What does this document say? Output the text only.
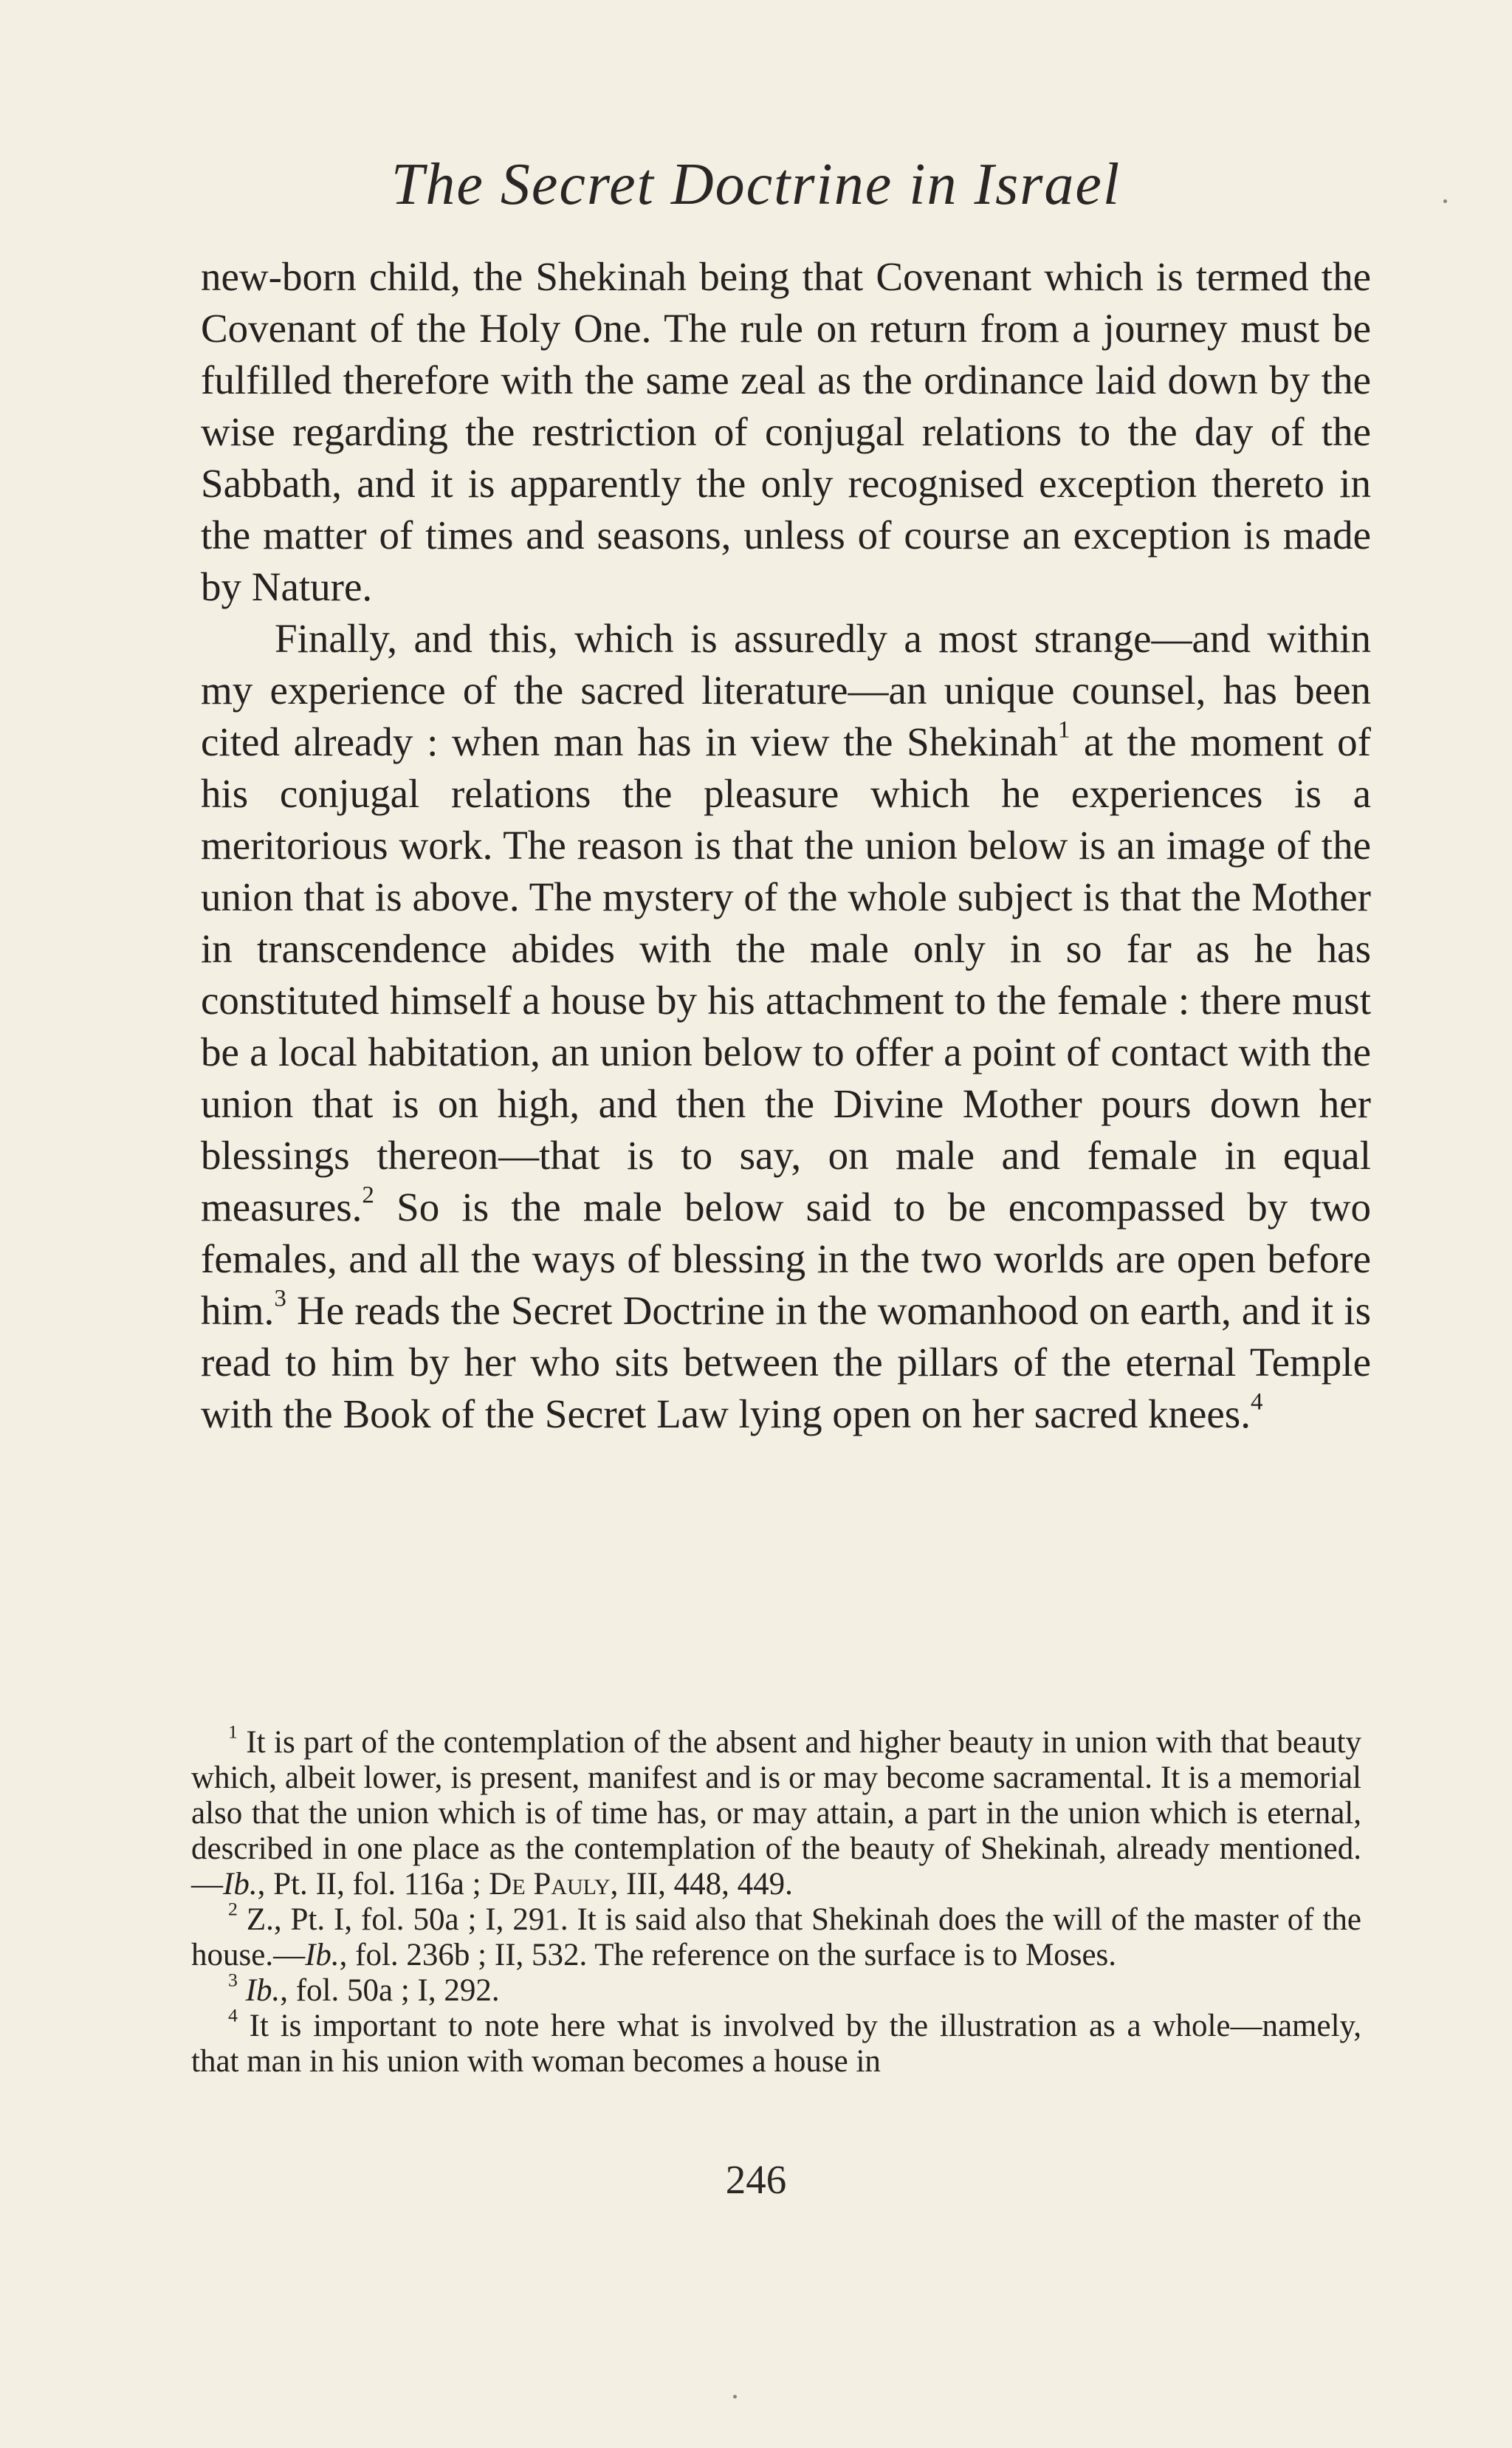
The Secret Doctrine in Israel

new-born child, the Shekinah being that Covenant which is termed the Covenant of the Holy One. The rule on return from a journey must be fulfilled therefore with the same zeal as the ordinance laid down by the wise regarding the restriction of conjugal relations to the day of the Sabbath, and it is apparently the only recognised exception thereto in the matter of times and seasons, unless of course an exception is made by Nature.

Finally, and this, which is assuredly a most strange—and within my experience of the sacred literature—an unique counsel, has been cited already : when man has in view the Shekinah$^1$ at the moment of his conjugal relations the pleasure which he experiences is a meritorious work. The reason is that the union below is an image of the union that is above. The mystery of the whole subject is that the Mother in transcendence abides with the male only in so far as he has constituted himself a house by his attachment to the female : there must be a local habitation, an union below to offer a point of contact with the union that is on high, and then the Divine Mother pours down her blessings thereon—that is to say, on male and female in equal measures.$^2$ So is the male below said to be encompassed by two females, and all the ways of blessing in the two worlds are open before him.$^3$ He reads the Secret Doctrine in the womanhood on earth, and it is read to him by her who sits between the pillars of the eternal Temple with the Book of the Secret Law lying open on her sacred knees.$^4$

$^1$ It is part of the contemplation of the absent and higher beauty in union with that beauty which, albeit lower, is present, manifest and is or may become sacramental. It is a memorial also that the union which is of time has, or may attain, a part in the union which is eternal, described in one place as the contemplation of the beauty of Shekinah, already mentioned.—Ib., Pt. II, fol. 116a ; De Pauly, III, 448, 449.

$^2$ Z., Pt. I, fol. 50a ; I, 291. It is said also that Shekinah does the will of the master of the house.—Ib., fol. 236b ; II, 532. The reference on the surface is to Moses.

$^3$ Ib., fol. 50a ; I, 292.

$^4$ It is important to note here what is involved by the illustration as a whole—namely, that man in his union with woman becomes a house in

246
